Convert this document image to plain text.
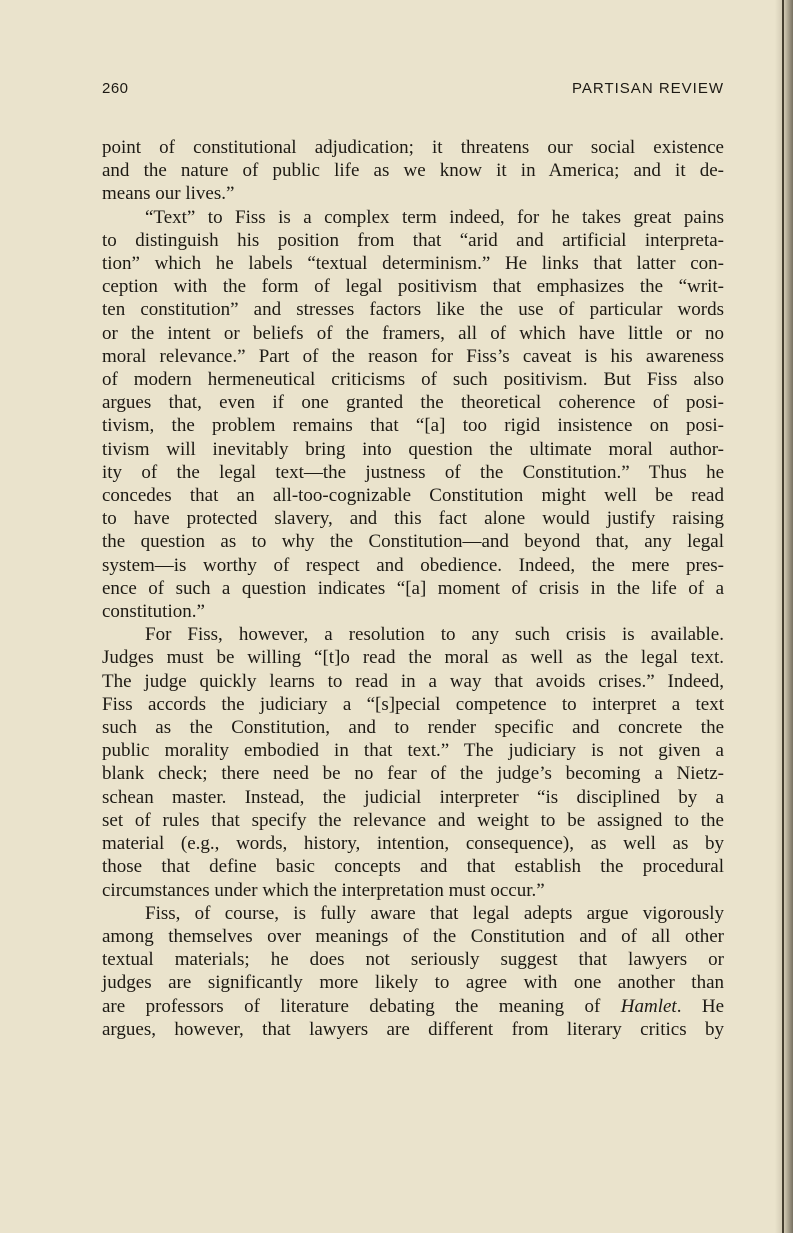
260	PARTISAN REVIEW
point of constitutional adjudication; it threatens our social existence
and the nature of public life as we know it in America; and it de-
means our lives.”
“Text” to Fiss is a complex term indeed, for he takes great pains
to distinguish his position from that “arid and artificial interpreta-
tion” which he labels “textual determinism.” He links that latter con-
ception with the form of legal positivism that emphasizes the “writ-
ten constitution” and stresses factors like the use of particular words
or the intent or beliefs of the framers, all of which have little or no
moral relevance.” Part of the reason for Fiss’s caveat is his awareness
of modern hermeneutical criticisms of such positivism. But Fiss also
argues that, even if one granted the theoretical coherence of posi-
tivism, the problem remains that “[a] too rigid insistence on posi-
tivism will inevitably bring into question the ultimate moral author-
ity of the legal text—the justness of the Constitution.” Thus he
concedes that an all-too-cognizable Constitution might well be read
to have protected slavery, and this fact alone would justify raising
the question as to why the Constitution—and beyond that, any legal
system—is worthy of respect and obedience. Indeed, the mere pres-
ence of such a question indicates “[a] moment of crisis in the life of a
constitution.”
For Fiss, however, a resolution to any such crisis is available.
Judges must be willing “[t]o read the moral as well as the legal text.
The judge quickly learns to read in a way that avoids crises.” Indeed,
Fiss accords the judiciary a “[s]pecial competence to interpret a text
such as the Constitution, and to render specific and concrete the
public morality embodied in that text.” The judiciary is not given a
blank check; there need be no fear of the judge’s becoming a Nietz-
schean master. Instead, the judicial interpreter “is disciplined by a
set of rules that specify the relevance and weight to be assigned to the
material (e.g., words, history, intention, consequence), as well as by
those that define basic concepts and that establish the procedural
circumstances under which the interpretation must occur.”
Fiss, of course, is fully aware that legal adepts argue vigorously
among themselves over meanings of the Constitution and of all other
textual materials; he does not seriously suggest that lawyers or
judges are significantly more likely to agree with one another than
are professors of literature debating the meaning of Hamlet. He
argues, however, that lawyers are different from literary critics by
